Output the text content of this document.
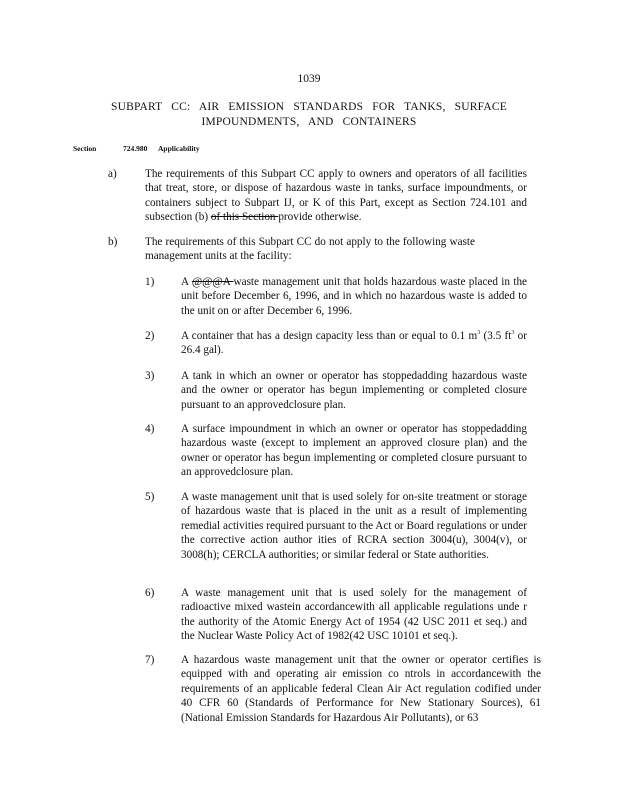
1039
SUBPART CC: AIR EMISSION STANDARDS FOR TANKS, SURFACE
IMPOUNDMENTS, AND CONTAINERS
Section	724.980 Applicability
a)	The requirements of this Subpart CC apply to owners and operators of all facilities that treat, store, or dispose of hazardous waste in tanks, surface impoundments, or containers subject to Subpart IJ, or K of this Part, except as Section 724.101 and subsection (b) of this Section provide otherwise.
b) The requirements of this Subpart CC do not apply to the following waste management units at the facility:
1) A @@@A waste management unit that holds hazardous waste placed in the unit before December 6, 1996, and in which no hazardous waste is added to the unit on or after December 6, 1996.
2) A container that has a design capacity less than or equal to 0.1 $m^3$ (3.5 $ft^3$ or 26.4 gal).
3) A tank in which an owner or operator has stoppedadding hazardous waste and the owner or operator has begun implementing or completed closure pursuant to an approvedclosure plan.
4) A surface impoundment in which an owner or operator has stoppedadding hazardous waste (except to implement an approved closure plan) and the owner or operator has begun implementing or completed closure pursuant to an approvedclosure plan.
5) A waste management unit that is used solely for on-site treatment or storage of hazardous waste that is placed in the unit as a result of implementing remedial activities required pursuant to the Act or Board regulations or under the corrective action author ities of RCRA section 3004(u), 3004(v), or 3008(h); CERCLA authorities; or similar federal or State authorities.
6) A waste management unit that is used solely for the management of radioactive mixed wastein accordancewith all applicable regulations unde r the authority of the Atomic Energy Act of 1954 (42 USC 2011 et seq.) and the Nuclear Waste Policy Act of 1982(42 USC 10101 et seq.).
7) A hazardous waste management unit that the owner or operator certifies is equipped with and operating air emission co ntrols in accordancewith the requirements of an applicable federal Clean Air Act regulation codified under 40 CFR 60 (Standards of Performance for New Stationary Sources), 61 (National Emission Standards for Hazardous Air Pollutants), or 63
